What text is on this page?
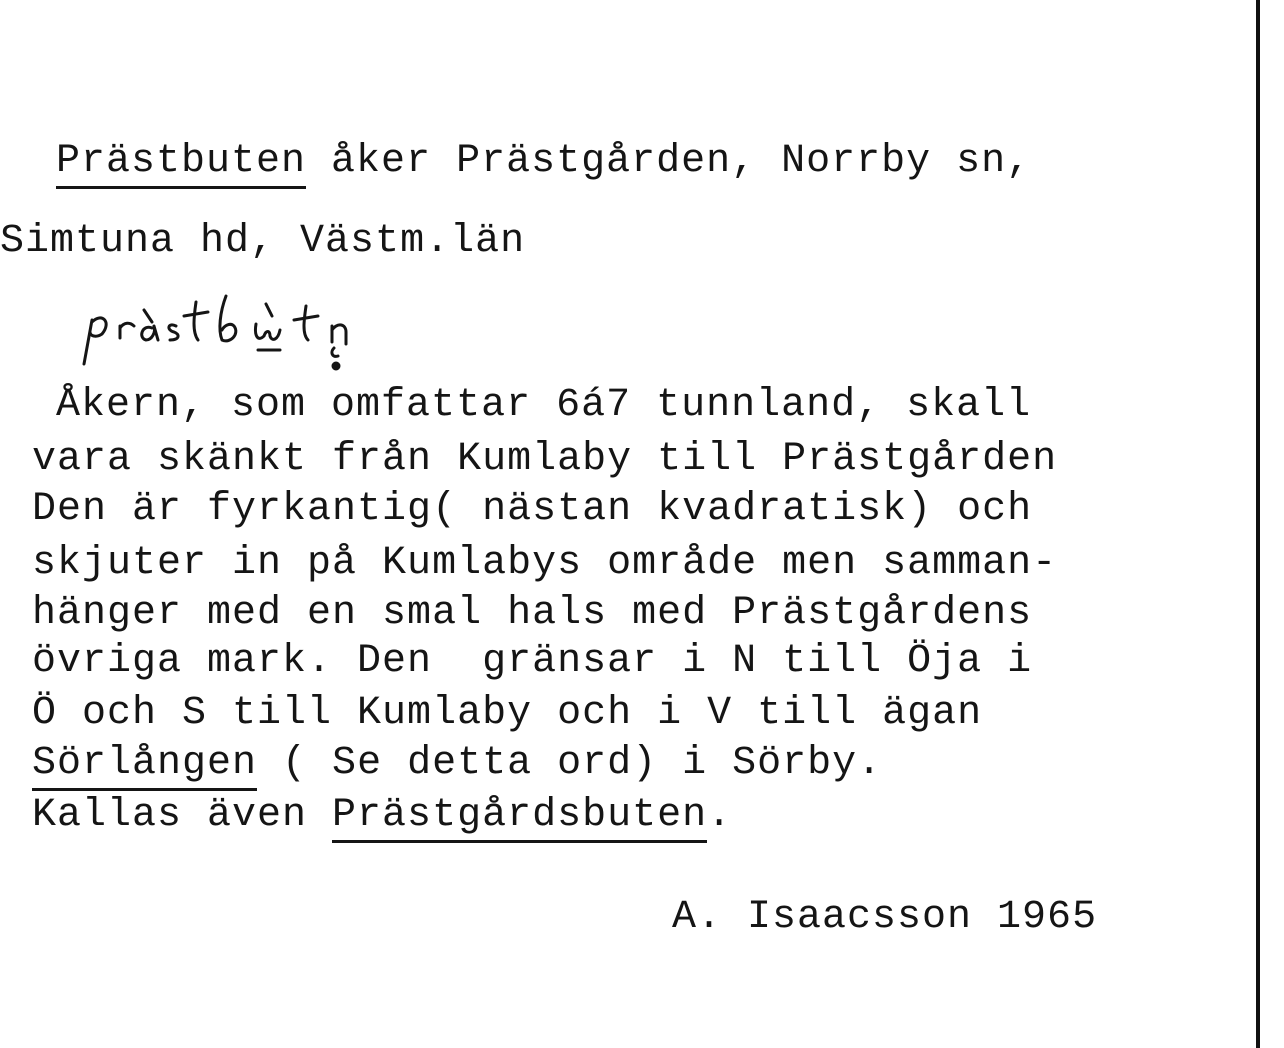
Prästbuten åker Prästgården, Norrby sn,
Simtuna hd, Västm.län
Åkern, som omfattar 6á7 tunnland, skall
vara skänkt från Kumlaby till Prästgården
Den är fyrkantig( nästan kvadratisk) och
skjuter in på Kumlabys område men samman-
hänger med en smal hals med Prästgårdens
övriga mark. Den  gränsar i N till Öja i
Ö och S till Kumlaby och i V till ägan
Sörlången ( Se detta ord) i Sörby.
Kallas även Prästgårdsbuten.
A. Isaacsson 1965
